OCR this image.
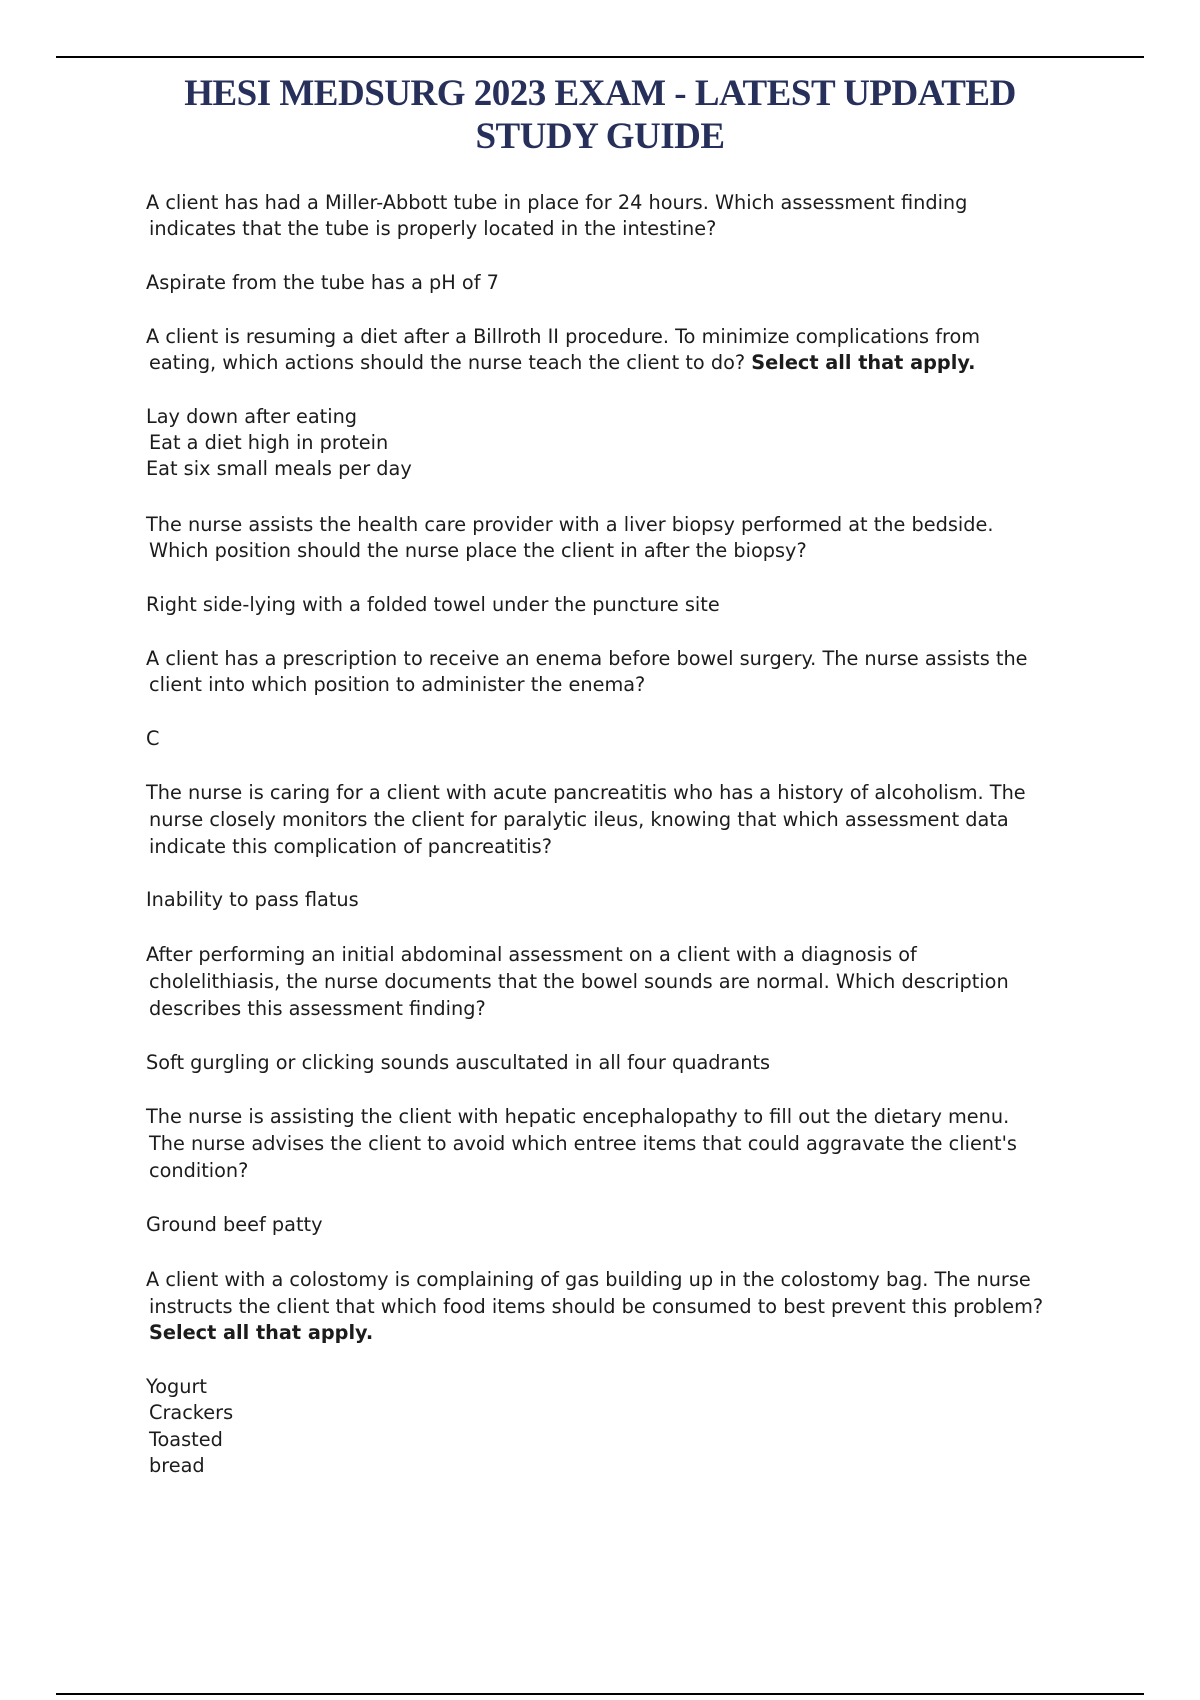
HESI MEDSURG 2023 EXAM - LATEST UPDATED
STUDY GUIDE
A client has had a Miller-Abbott tube in place for 24 hours. Which assessment finding
indicates that the tube is properly located in the intestine?
Aspirate from the tube has a pH of 7
A client is resuming a diet after a Billroth II procedure. To minimize complications from
eating, which actions should the nurse teach the client to do? Select all that apply.
Lay down after eating
Eat a diet high in protein
Eat six small meals per day
The nurse assists the health care provider with a liver biopsy performed at the bedside.
Which position should the nurse place the client in after the biopsy?
Right side-lying with a folded towel under the puncture site
A client has a prescription to receive an enema before bowel surgery. The nurse assists the
client into which position to administer the enema?
C
The nurse is caring for a client with acute pancreatitis who has a history of alcoholism. The
nurse closely monitors the client for paralytic ileus, knowing that which assessment data
indicate this complication of pancreatitis?
Inability to pass flatus
After performing an initial abdominal assessment on a client with a diagnosis of
cholelithiasis, the nurse documents that the bowel sounds are normal. Which description
describes this assessment finding?
Soft gurgling or clicking sounds auscultated in all four quadrants
The nurse is assisting the client with hepatic encephalopathy to fill out the dietary menu.
The nurse advises the client to avoid which entree items that could aggravate the client's
condition?
Ground beef patty
A client with a colostomy is complaining of gas building up in the colostomy bag. The nurse
instructs the client that which food items should be consumed to best prevent this problem?
Select all that apply.
Yogurt
Crackers
Toasted
bread
